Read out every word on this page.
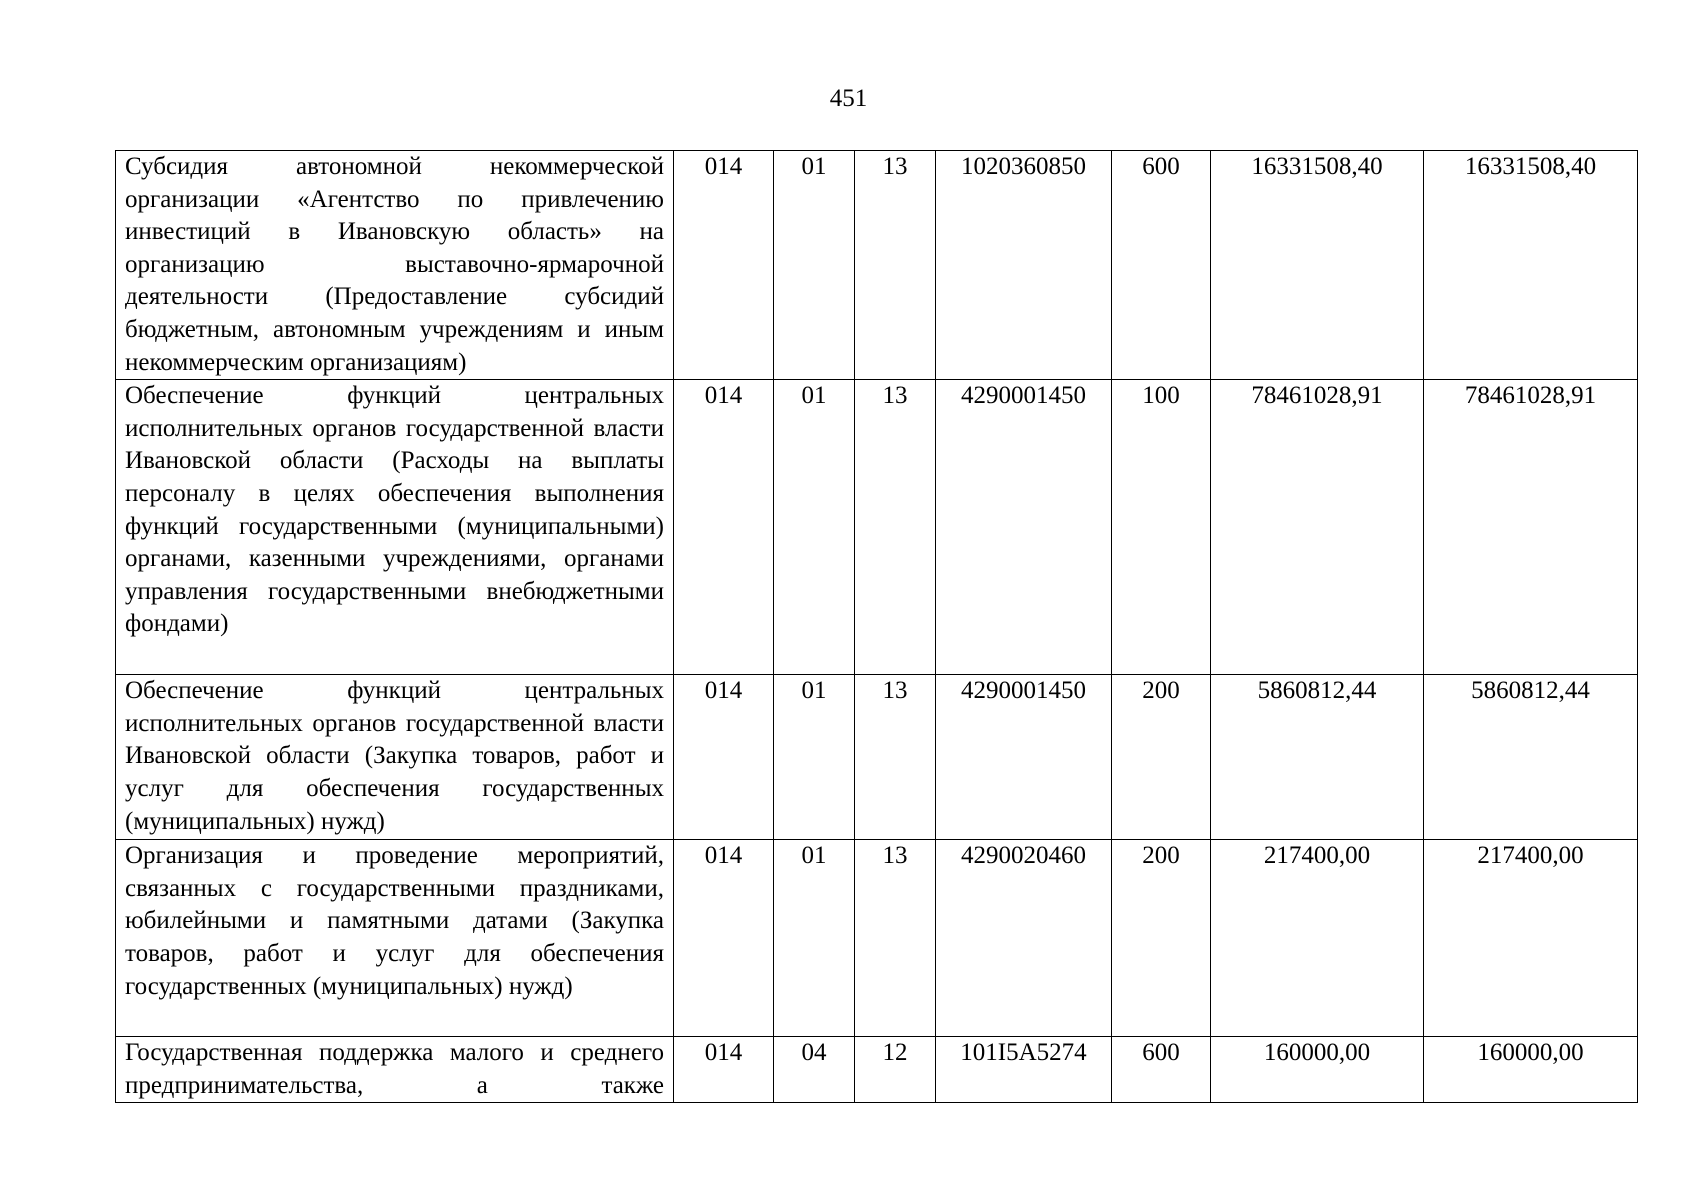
451
Субсидия автономной некоммерческой организации «Агентство по привлечению инвестиций в Ивановскую область» на организацию выставочно-ярмарочной деятельности (Предоставление субсидий бюджетным, автономным учреждениям и иным некоммерческим организациям)	014	01	13	1020360850	600	16331508,40	16331508,40
Обеспечение функций центральных исполнительных органов государственной власти Ивановской области (Расходы на выплаты персоналу в целях обеспечения выполнения функций государственными (муниципальными) органами, казенными учреждениями, органами управления государственными внебюджетными фондами)	014	01	13	4290001450	100	78461028,91	78461028,91
Обеспечение функций центральных исполнительных органов государственной власти Ивановской области (Закупка товаров, работ и услуг для обеспечения государственных (муниципальных) нужд)	014	01	13	4290001450	200	5860812,44	5860812,44
Организация и проведение мероприятий, связанных с государственными праздниками, юбилейными и памятными датами (Закупка товаров, работ и услуг для обеспечения государственных (муниципальных) нужд)	014	01	13	4290020460	200	217400,00	217400,00
Государственная поддержка малого и среднего предпринимательства, а также	014	04	12	101I5A5274	600	160000,00	160000,00
